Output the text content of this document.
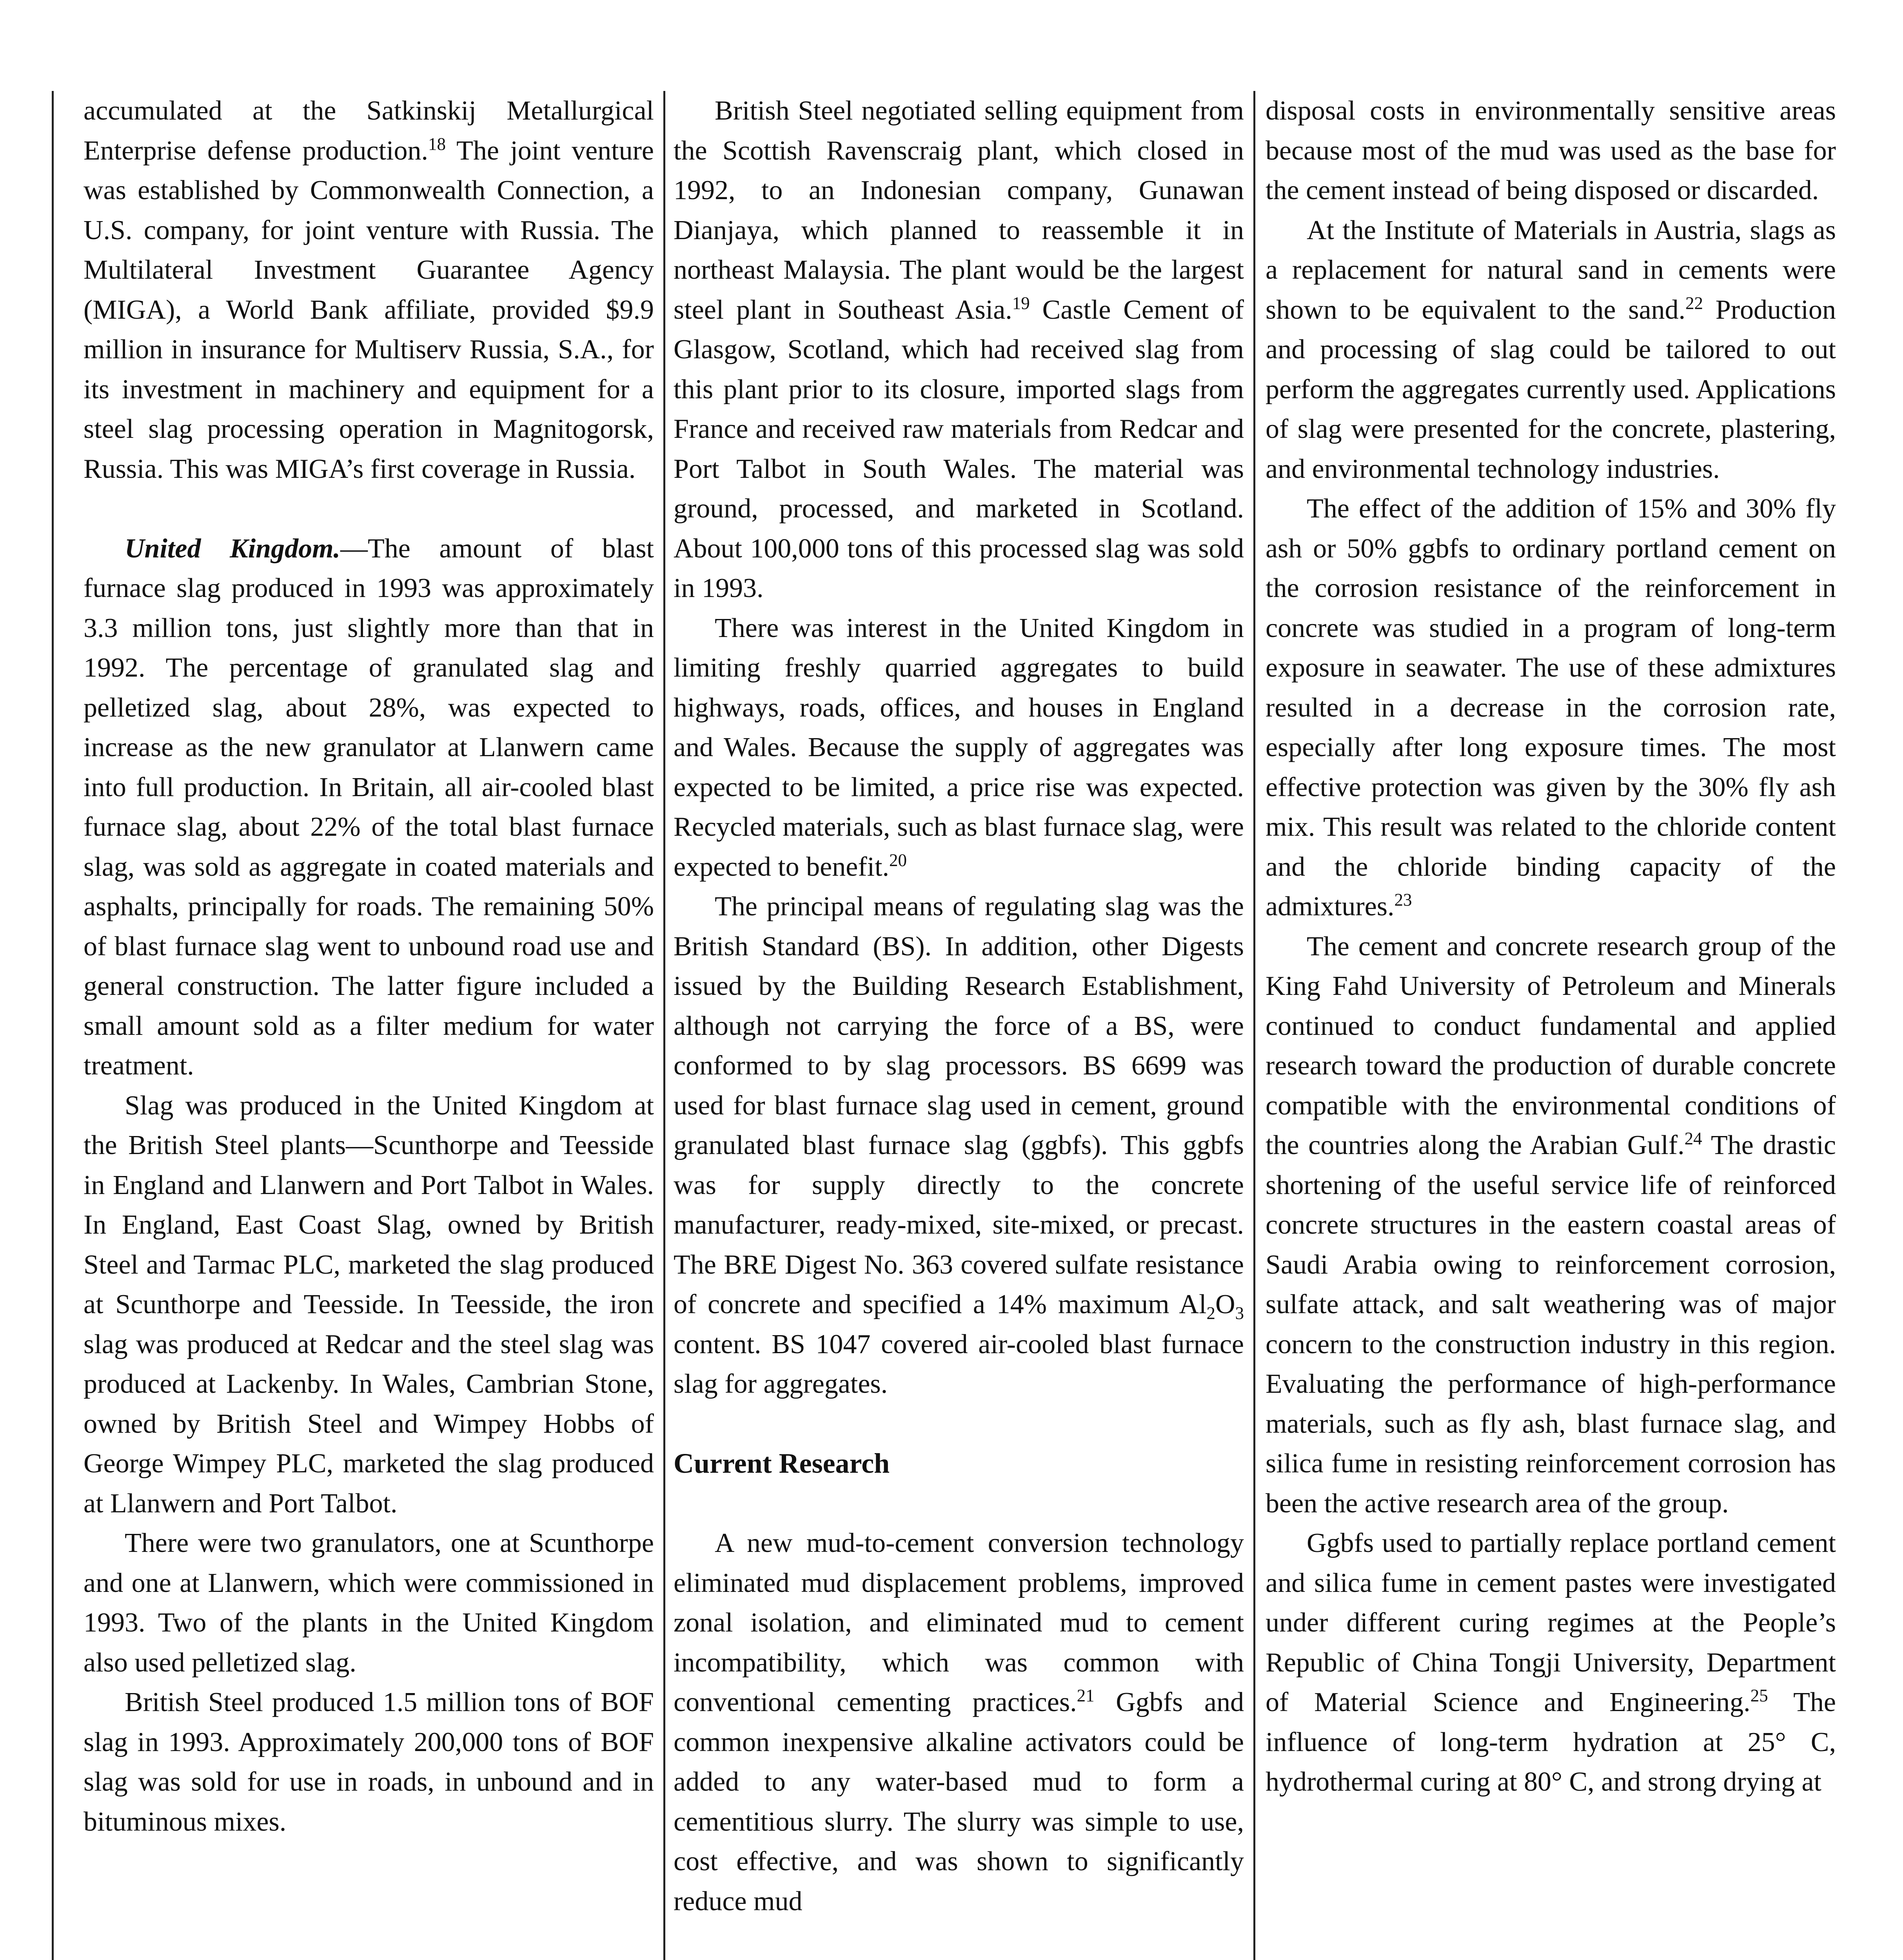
accumulated at the Satkinskij Metallurgical Enterprise defense production.$^{18}$ The joint venture was established by Commonwealth Connection, a U.S. company, for joint venture with Russia. The Multilateral Investment Guarantee Agency (MIGA), a World Bank affiliate, provided $9.9 million in insurance for Multiserv Russia, S.A., for its investment in machinery and equipment for a steel slag processing operation in Magnitogorsk, Russia. This was MIGA’s first coverage in Russia.

United Kingdom.—The amount of blast furnace slag produced in 1993 was approximately 3.3 million tons, just slightly more than that in 1992. The percentage of granulated slag and pelletized slag, about 28%, was expected to increase as the new granulator at Llanwern came into full production. In Britain, all air-cooled blast furnace slag, about 22% of the total blast furnace slag, was sold as aggregate in coated materials and asphalts, principally for roads. The remaining 50% of blast furnace slag went to unbound road use and general construction. The latter figure included a small amount sold as a filter medium for water treatment.

Slag was produced in the United Kingdom at the British Steel plants—Scunthorpe and Teesside in England and Llanwern and Port Talbot in Wales. In England, East Coast Slag, owned by British Steel and Tarmac PLC, marketed the slag produced at Scunthorpe and Teesside. In Teesside, the iron slag was produced at Redcar and the steel slag was produced at Lackenby. In Wales, Cambrian Stone, owned by British Steel and Wimpey Hobbs of George Wimpey PLC, marketed the slag produced at Llanwern and Port Talbot.

There were two granulators, one at Scunthorpe and one at Llanwern, which were commissioned in 1993. Two of the plants in the United Kingdom also used pelletized slag.

British Steel produced 1.5 million tons of BOF slag in 1993. Approximately 200,000 tons of BOF slag was sold for use in roads, in unbound and in bituminous mixes.

British Steel negotiated selling equipment from the Scottish Ravenscraig plant, which closed in 1992, to an Indonesian company, Gunawan Dianjaya, which planned to reassemble it in northeast Malaysia. The plant would be the largest steel plant in Southeast Asia.$^{19}$ Castle Cement of Glasgow, Scotland, which had received slag from this plant prior to its closure, imported slags from France and received raw materials from Redcar and Port Talbot in South Wales. The material was ground, processed, and marketed in Scotland. About 100,000 tons of this processed slag was sold in 1993.

There was interest in the United Kingdom in limiting freshly quarried aggregates to build highways, roads, offices, and houses in England and Wales. Because the supply of aggregates was expected to be limited, a price rise was expected. Recycled materials, such as blast furnace slag, were expected to benefit.$^{20}$

The principal means of regulating slag was the British Standard (BS). In addition, other Digests issued by the Building Research Establishment, although not carrying the force of a BS, were conformed to by slag processors. BS 6699 was used for blast furnace slag used in cement, ground granulated blast furnace slag (ggbfs). This ggbfs was for supply directly to the concrete manufacturer, ready-mixed, site-mixed, or precast. The BRE Digest No. 363 covered sulfate resistance of concrete and specified a 14% maximum $Al_2O_3$ content. BS 1047 covered air-cooled blast furnace slag for aggregates.

Current Research

A new mud-to-cement conversion technology eliminated mud displacement problems, improved zonal isolation, and eliminated mud to cement incompatibility, which was common with conventional cementing practices.$^{21}$ Ggbfs and common inexpensive alkaline activators could be added to any water-based mud to form a cementitious slurry. The slurry was simple to use, cost effective, and was shown to significantly reduce mud

disposal costs in environmentally sensitive areas because most of the mud was used as the base for the cement instead of being disposed or discarded.

At the Institute of Materials in Austria, slags as a replacement for natural sand in cements were shown to be equivalent to the sand.$^{22}$ Production and processing of slag could be tailored to out perform the aggregates currently used. Applications of slag were presented for the concrete, plastering, and environmental technology industries.

The effect of the addition of 15% and 30% fly ash or 50% ggbfs to ordinary portland cement on the corrosion resistance of the reinforcement in concrete was studied in a program of long-term exposure in seawater. The use of these admixtures resulted in a decrease in the corrosion rate, especially after long exposure times. The most effective protection was given by the 30% fly ash mix. This result was related to the chloride content and the chloride binding capacity of the admixtures.$^{23}$

The cement and concrete research group of the King Fahd University of Petroleum and Minerals continued to conduct fundamental and applied research toward the production of durable concrete compatible with the environmental conditions of the countries along the Arabian Gulf.$^{24}$ The drastic shortening of the useful service life of reinforced concrete structures in the eastern coastal areas of Saudi Arabia owing to reinforcement corrosion, sulfate attack, and salt weathering was of major concern to the construction industry in this region. Evaluating the performance of high-performance materials, such as fly ash, blast furnace slag, and silica fume in resisting reinforcement corrosion has been the active research area of the group.

Ggbfs used to partially replace portland cement and silica fume in cement pastes were investigated under different curing regimes at the People’s Republic of China Tongji University, Department of Material Science and Engineering.$^{25}$ The influence of long-term hydration at 25° C, hydrothermal curing at 80° C, and strong drying at
